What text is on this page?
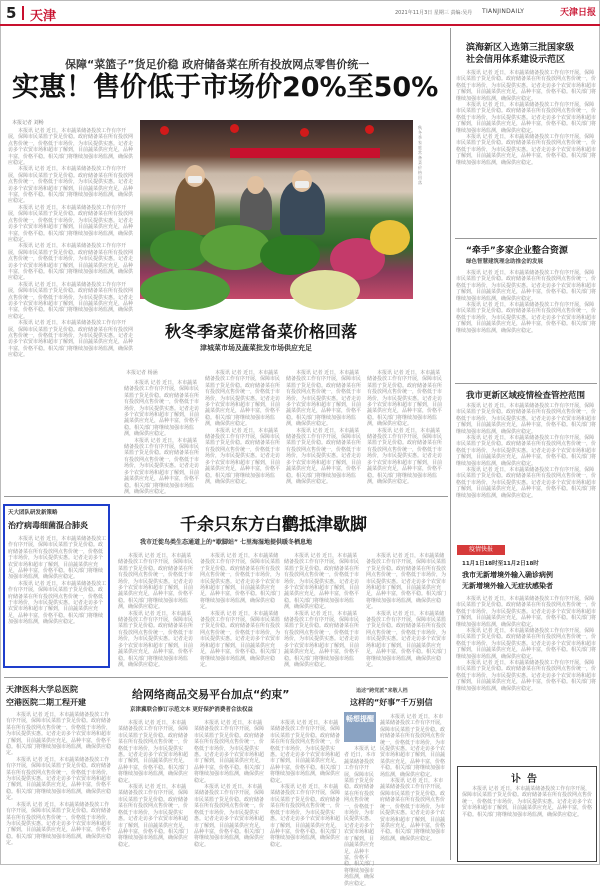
5 天津	2021年11月3日 星期三 责编:吴丹 TIANJINDAILY	天津日报
保障“菜篮子”货足价稳 政府储备菜在所有投放网点零售价统一
实惠！售价低于市场价20%至50%
本报记者 刘畅

本报讯 记者 近日，本市蔬菜储备投放工作有序开展，保障市民菜篮子货足价稳。政府储备菜在所有投放网点售价统一，价格低于市场价，为市民提供实惠。记者走访多个农贸市场和超市了解到，目前蔬菜供应充足，品种丰富，价格平稳。相关部门将继续加强市场监测，确保供应稳定。

本报讯 记者 近日，本市蔬菜储备投放工作有序开展，保障市民菜篮子货足价稳。政府储备菜在所有投放网点售价统一，价格低于市场价，为市民提供实惠。记者走访多个农贸市场和超市了解到，目前蔬菜供应充足，品种丰富，价格平稳。相关部门将继续加强市场监测，确保供应稳定。

本报讯 记者 近日，本市蔬菜储备投放工作有序开展，保障市民菜篮子货足价稳。政府储备菜在所有投放网点售价统一，价格低于市场价，为市民提供实惠。记者走访多个农贸市场和超市了解到，目前蔬菜供应充足，品种丰富，价格平稳。相关部门将继续加强市场监测，确保供应稳定。

本报讯 记者 近日，本市蔬菜储备投放工作有序开展，保障市民菜篮子货足价稳。政府储备菜在所有投放网点售价统一，价格低于市场价，为市民提供实惠。记者走访多个农贸市场和超市了解到，目前蔬菜供应充足，品种丰富，价格平稳。相关部门将继续加强市场监测，确保供应稳定。

本报讯 记者 近日，本市蔬菜储备投放工作有序开展，保障市民菜篮子货足价稳。政府储备菜在所有投放网点售价统一，价格低于市场价，为市民提供实惠。记者走访多个农贸市场和超市了解到，目前蔬菜供应充足，品种丰富，价格平稳。相关部门将继续加强市场监测，确保供应稳定。

本报讯 记者 近日，本市蔬菜储备投放工作有序开展，保障市民菜篮子货足价稳。政府储备菜在所有投放网点售价统一，价格低于市场价，为市民提供实惠。记者走访多个农贸市场和超市了解到，目前蔬菜供应充足，品种丰富，价格平稳。相关部门将继续加强市场监测，确保供应稳定。

秋冬季家庭常备菜价格回落
秋冬季家庭常备菜价格回落
津城菜市场及蔬菜批发市场供应充足
本报记者 杨涵

本报讯 记者 近日，本市蔬菜储备投放工作有序开展，保障市民菜篮子货足价稳。政府储备菜在所有投放网点售价统一，价格低于市场价，为市民提供实惠。记者走访多个农贸市场和超市了解到，目前蔬菜供应充足，品种丰富，价格平稳。相关部门将继续加强市场监测，确保供应稳定。

本报讯 记者 近日，本市蔬菜储备投放工作有序开展，保障市民菜篮子货足价稳。政府储备菜在所有投放网点售价统一，价格低于市场价，为市民提供实惠。记者走访多个农贸市场和超市了解到，目前蔬菜供应充足，品种丰富，价格平稳。相关部门将继续加强市场监测，确保供应稳定。

本报讯 记者 近日，本市蔬菜储备投放工作有序开展，保障市民菜篮子货足价稳。政府储备菜在所有投放网点售价统一，价格低于市场价，为市民提供实惠。记者走访多个农贸市场和超市了解到，目前蔬菜供应充足，品种丰富，价格平稳。相关部门将继续加强市场监测，确保供应稳定。

本报讯 记者 近日，本市蔬菜储备投放工作有序开展，保障市民菜篮子货足价稳。政府储备菜在所有投放网点售价统一，价格低于市场价，为市民提供实惠。记者走访多个农贸市场和超市了解到，目前蔬菜供应充足，品种丰富，价格平稳。相关部门将继续加强市场监测，确保供应稳定。

本报讯 记者 近日，本市蔬菜储备投放工作有序开展，保障市民菜篮子货足价稳。政府储备菜在所有投放网点售价统一，价格低于市场价，为市民提供实惠。记者走访多个农贸市场和超市了解到，目前蔬菜供应充足，品种丰富，价格平稳。相关部门将继续加强市场监测，确保供应稳定。

本报讯 记者 近日，本市蔬菜储备投放工作有序开展，保障市民菜篮子货足价稳。政府储备菜在所有投放网点售价统一，价格低于市场价，为市民提供实惠。记者走访多个农贸市场和超市了解到，目前蔬菜供应充足，品种丰富，价格平稳。相关部门将继续加强市场监测，确保供应稳定。

本报讯 记者 近日，本市蔬菜储备投放工作有序开展，保障市民菜篮子货足价稳。政府储备菜在所有投放网点售价统一，价格低于市场价，为市民提供实惠。记者走访多个农贸市场和超市了解到，目前蔬菜供应充足，品种丰富，价格平稳。相关部门将继续加强市场监测，确保供应稳定。

本报讯 记者 近日，本市蔬菜储备投放工作有序开展，保障市民菜篮子货足价稳。政府储备菜在所有投放网点售价统一，价格低于市场价，为市民提供实惠。记者走访多个农贸市场和超市了解到，目前蔬菜供应充足，品种丰富，价格平稳。相关部门将继续加强市场监测，确保供应稳定。

滨海新区入选第三批国家级
社会信用体系建设示范区

本报讯 记者 近日，本市蔬菜储备投放工作有序开展，保障市民菜篮子货足价稳。政府储备菜在所有投放网点售价统一，价格低于市场价，为市民提供实惠。记者走访多个农贸市场和超市了解到，目前蔬菜供应充足，品种丰富，价格平稳。相关部门将继续加强市场监测，确保供应稳定。

本报讯 记者 近日，本市蔬菜储备投放工作有序开展，保障市民菜篮子货足价稳。政府储备菜在所有投放网点售价统一，价格低于市场价，为市民提供实惠。记者走访多个农贸市场和超市了解到，目前蔬菜供应充足，品种丰富，价格平稳。相关部门将继续加强市场监测，确保供应稳定。

本报讯 记者 近日，本市蔬菜储备投放工作有序开展，保障市民菜篮子货足价稳。政府储备菜在所有投放网点售价统一，价格低于市场价，为市民提供实惠。记者走访多个农贸市场和超市了解到，目前蔬菜供应充足，品种丰富，价格平稳。相关部门将继续加强市场监测，确保供应稳定。

“牵手”多家企业整合资源
绿色智慧建筑理念助推会的发展

本报讯 记者 近日，本市蔬菜储备投放工作有序开展，保障市民菜篮子货足价稳。政府储备菜在所有投放网点售价统一，价格低于市场价，为市民提供实惠。记者走访多个农贸市场和超市了解到，目前蔬菜供应充足，品种丰富，价格平稳。相关部门将继续加强市场监测，确保供应稳定。

本报讯 记者 近日，本市蔬菜储备投放工作有序开展，保障市民菜篮子货足价稳。政府储备菜在所有投放网点售价统一，价格低于市场价，为市民提供实惠。记者走访多个农贸市场和超市了解到，目前蔬菜供应充足，品种丰富，价格平稳。相关部门将继续加强市场监测，确保供应稳定。

我市更新区域疫情检查管控范围

本报讯 记者 近日，本市蔬菜储备投放工作有序开展，保障市民菜篮子货足价稳。政府储备菜在所有投放网点售价统一，价格低于市场价，为市民提供实惠。记者走访多个农贸市场和超市了解到，目前蔬菜供应充足，品种丰富，价格平稳。相关部门将继续加强市场监测，确保供应稳定。

本报讯 记者 近日，本市蔬菜储备投放工作有序开展，保障市民菜篮子货足价稳。政府储备菜在所有投放网点售价统一，价格低于市场价，为市民提供实惠。记者走访多个农贸市场和超市了解到，目前蔬菜供应充足，品种丰富，价格平稳。相关部门将继续加强市场监测，确保供应稳定。

本报讯 记者 近日，本市蔬菜储备投放工作有序开展，保障市民菜篮子货足价稳。政府储备菜在所有投放网点售价统一，价格低于市场价，为市民提供实惠。记者走访多个农贸市场和超市了解到，目前蔬菜供应充足，品种丰富，价格平稳。相关部门将继续加强市场监测，确保供应稳定。

疫情快报
11月1日18时至11月2日18时
我市无新增境外输入确诊病例
无新增境外输入无症状感染者

本报讯 记者 近日，本市蔬菜储备投放工作有序开展，保障市民菜篮子货足价稳。政府储备菜在所有投放网点售价统一，价格低于市场价，为市民提供实惠。记者走访多个农贸市场和超市了解到，目前蔬菜供应充足，品种丰富，价格平稳。相关部门将继续加强市场监测，确保供应稳定。

本报讯 记者 近日，本市蔬菜储备投放工作有序开展，保障市民菜篮子货足价稳。政府储备菜在所有投放网点售价统一，价格低于市场价，为市民提供实惠。记者走访多个农贸市场和超市了解到，目前蔬菜供应充足，品种丰富，价格平稳。相关部门将继续加强市场监测，确保供应稳定。

本报讯 记者 近日，本市蔬菜储备投放工作有序开展，保障市民菜篮子货足价稳。政府储备菜在所有投放网点售价统一，价格低于市场价，为市民提供实惠。记者走访多个农贸市场和超市了解到，目前蔬菜供应充足，品种丰富，价格平稳。相关部门将继续加强市场监测，确保供应稳定。

天大团队研发新策略
治疗病毒细菌混合肺炎

本报讯 记者 近日，本市蔬菜储备投放工作有序开展，保障市民菜篮子货足价稳。政府储备菜在所有投放网点售价统一，价格低于市场价，为市民提供实惠。记者走访多个农贸市场和超市了解到，目前蔬菜供应充足，品种丰富，价格平稳。相关部门将继续加强市场监测，确保供应稳定。

本报讯 记者 近日，本市蔬菜储备投放工作有序开展，保障市民菜篮子货足价稳。政府储备菜在所有投放网点售价统一，价格低于市场价，为市民提供实惠。记者走访多个农贸市场和超市了解到，目前蔬菜供应充足，品种丰富，价格平稳。相关部门将继续加强市场监测，确保供应稳定。

千余只东方白鹳抵津歇脚
我市迁徙鸟类生态通道上的“歇脚站” 七里海湿地提供暖冬栖息地

本报讯 记者 近日，本市蔬菜储备投放工作有序开展，保障市民菜篮子货足价稳。政府储备菜在所有投放网点售价统一，价格低于市场价，为市民提供实惠。记者走访多个农贸市场和超市了解到，目前蔬菜供应充足，品种丰富，价格平稳。相关部门将继续加强市场监测，确保供应稳定。

本报讯 记者 近日，本市蔬菜储备投放工作有序开展，保障市民菜篮子货足价稳。政府储备菜在所有投放网点售价统一，价格低于市场价，为市民提供实惠。记者走访多个农贸市场和超市了解到，目前蔬菜供应充足，品种丰富，价格平稳。相关部门将继续加强市场监测，确保供应稳定。

本报讯 记者 近日，本市蔬菜储备投放工作有序开展，保障市民菜篮子货足价稳。政府储备菜在所有投放网点售价统一，价格低于市场价，为市民提供实惠。记者走访多个农贸市场和超市了解到，目前蔬菜供应充足，品种丰富，价格平稳。相关部门将继续加强市场监测，确保供应稳定。

本报讯 记者 近日，本市蔬菜储备投放工作有序开展，保障市民菜篮子货足价稳。政府储备菜在所有投放网点售价统一，价格低于市场价，为市民提供实惠。记者走访多个农贸市场和超市了解到，目前蔬菜供应充足，品种丰富，价格平稳。相关部门将继续加强市场监测，确保供应稳定。

本报讯 记者 近日，本市蔬菜储备投放工作有序开展，保障市民菜篮子货足价稳。政府储备菜在所有投放网点售价统一，价格低于市场价，为市民提供实惠。记者走访多个农贸市场和超市了解到，目前蔬菜供应充足，品种丰富，价格平稳。相关部门将继续加强市场监测，确保供应稳定。

本报讯 记者 近日，本市蔬菜储备投放工作有序开展，保障市民菜篮子货足价稳。政府储备菜在所有投放网点售价统一，价格低于市场价，为市民提供实惠。记者走访多个农贸市场和超市了解到，目前蔬菜供应充足，品种丰富，价格平稳。相关部门将继续加强市场监测，确保供应稳定。

本报讯 记者 近日，本市蔬菜储备投放工作有序开展，保障市民菜篮子货足价稳。政府储备菜在所有投放网点售价统一，价格低于市场价，为市民提供实惠。记者走访多个农贸市场和超市了解到，目前蔬菜供应充足，品种丰富，价格平稳。相关部门将继续加强市场监测，确保供应稳定。

本报讯 记者 近日，本市蔬菜储备投放工作有序开展，保障市民菜篮子货足价稳。政府储备菜在所有投放网点售价统一，价格低于市场价，为市民提供实惠。记者走访多个农贸市场和超市了解到，目前蔬菜供应充足，品种丰富，价格平稳。相关部门将继续加强市场监测，确保供应稳定。

天津医科大学总医院
空港医院二期工程开建

本报讯 记者 近日，本市蔬菜储备投放工作有序开展，保障市民菜篮子货足价稳。政府储备菜在所有投放网点售价统一，价格低于市场价，为市民提供实惠。记者走访多个农贸市场和超市了解到，目前蔬菜供应充足，品种丰富，价格平稳。相关部门将继续加强市场监测，确保供应稳定。

本报讯 记者 近日，本市蔬菜储备投放工作有序开展，保障市民菜篮子货足价稳。政府储备菜在所有投放网点售价统一，价格低于市场价，为市民提供实惠。记者走访多个农贸市场和超市了解到，目前蔬菜供应充足，品种丰富，价格平稳。相关部门将继续加强市场监测，确保供应稳定。

本报讯 记者 近日，本市蔬菜储备投放工作有序开展，保障市民菜篮子货足价稳。政府储备菜在所有投放网点售价统一，价格低于市场价，为市民提供实惠。记者走访多个农贸市场和超市了解到，目前蔬菜供应充足，品种丰富，价格平稳。相关部门将继续加强市场监测，确保供应稳定。

给网络商品交易平台加点“约束”
京津冀联合修订示范文本 更好保护消费者合法权益

本报讯 记者 近日，本市蔬菜储备投放工作有序开展，保障市民菜篮子货足价稳。政府储备菜在所有投放网点售价统一，价格低于市场价，为市民提供实惠。记者走访多个农贸市场和超市了解到，目前蔬菜供应充足，品种丰富，价格平稳。相关部门将继续加强市场监测，确保供应稳定。

本报讯 记者 近日，本市蔬菜储备投放工作有序开展，保障市民菜篮子货足价稳。政府储备菜在所有投放网点售价统一，价格低于市场价，为市民提供实惠。记者走访多个农贸市场和超市了解到，目前蔬菜供应充足，品种丰富，价格平稳。相关部门将继续加强市场监测，确保供应稳定。

本报讯 记者 近日，本市蔬菜储备投放工作有序开展，保障市民菜篮子货足价稳。政府储备菜在所有投放网点售价统一，价格低于市场价，为市民提供实惠。记者走访多个农贸市场和超市了解到，目前蔬菜供应充足，品种丰富，价格平稳。相关部门将继续加强市场监测，确保供应稳定。

本报讯 记者 近日，本市蔬菜储备投放工作有序开展，保障市民菜篮子货足价稳。政府储备菜在所有投放网点售价统一，价格低于市场价，为市民提供实惠。记者走访多个农贸市场和超市了解到，目前蔬菜供应充足，品种丰富，价格平稳。相关部门将继续加强市场监测，确保供应稳定。

本报讯 记者 近日，本市蔬菜储备投放工作有序开展，保障市民菜篮子货足价稳。政府储备菜在所有投放网点售价统一，价格低于市场价，为市民提供实惠。记者走访多个农贸市场和超市了解到，目前蔬菜供应充足，品种丰富，价格平稳。相关部门将继续加强市场监测，确保供应稳定。

本报讯 记者 近日，本市蔬菜储备投放工作有序开展，保障市民菜篮子货足价稳。政府储备菜在所有投放网点售价统一，价格低于市场价，为市民提供实惠。记者走访多个农贸市场和超市了解到，目前蔬菜供应充足，品种丰富，价格平稳。相关部门将继续加强市场监测，确保供应稳定。

追述“跨党派”来敬人档
这样的“好事”千万别信
畅想提醒	本报讯 记者 近日，本市蔬菜储备投放工作有序开展，保障市民菜篮子货足价稳。政府储备菜在所有投放网点售价统一，价格低于市场价，为市民提供实惠。记者走访多个农贸市场和超市了解到，目前蔬菜供应充足，品种丰富，价格平稳。相关部门将继续加强市场监测，确保供应稳定。

本报讯 记者 近日，本市蔬菜储备投放工作有序开展，保障市民菜篮子货足价稳。政府储备菜在所有投放网点售价统一，价格低于市场价，为市民提供实惠。记者走访多个农贸市场和超市了解到，目前蔬菜供应充足，品种丰富，价格平稳。相关部门将继续加强市场监测，确保供应稳定。

本报讯 记者 近日，本市蔬菜储备投放工作有序开展，保障市民菜篮子货足价稳。政府储备菜在所有投放网点售价统一，价格低于市场价，为市民提供实惠。记者走访多个农贸市场和超市了解到，目前蔬菜供应充足，品种丰富，价格平稳。相关部门将继续加强市场监测，确保供应稳定。

讣告

本报讯 记者 近日，本市蔬菜储备投放工作有序开展，保障市民菜篮子货足价稳。政府储备菜在所有投放网点售价统一，价格低于市场价，为市民提供实惠。记者走访多个农贸市场和超市了解到，目前蔬菜供应充足，品种丰富，价格平稳。相关部门将继续加强市场监测，确保供应稳定。
